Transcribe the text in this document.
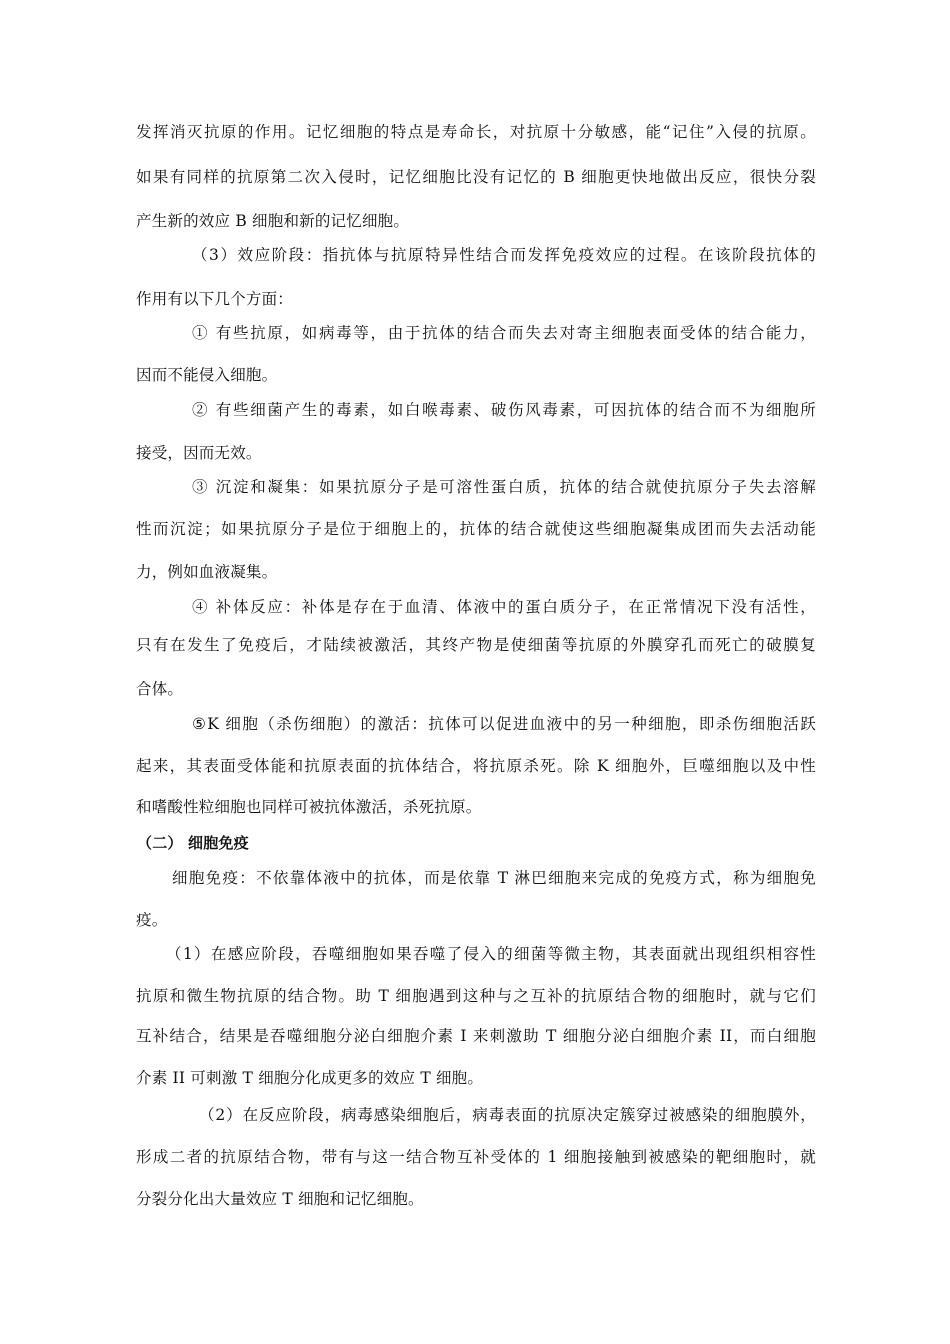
发挥消灭抗原的作用。记忆细胞的特点是寿命长，对抗原十分敏感，能“记住”入侵的抗原。
如果有同样的抗原第二次入侵时，记忆细胞比没有记忆的 B 细胞更快地做出反应，很快分裂
产生新的效应 B 细胞和新的记忆细胞。
（3）效应阶段：指抗体与抗原特异性结合而发挥免疫效应的过程。在该阶段抗体的
作用有以下几个方面：
① 有些抗原，如病毒等，由于抗体的结合而失去对寄主细胞表面受体的结合能力，
因而不能侵入细胞。
② 有些细菌产生的毒素，如白喉毒素、破伤风毒素，可因抗体的结合而不为细胞所
接受，因而无效。
③ 沉淀和凝集：如果抗原分子是可溶性蛋白质，抗体的结合就使抗原分子失去溶解
性而沉淀；如果抗原分子是位于细胞上的，抗体的结合就使这些细胞凝集成团而失去活动能
力，例如血液凝集。
④ 补体反应：补体是存在于血清、体液中的蛋白质分子，在正常情况下没有活性，
只有在发生了免疫后，才陆续被激活，其终产物是使细菌等抗原的外膜穿孔而死亡的破膜复
合体。
⑤K 细胞（杀伤细胞）的激活：抗体可以促进血液中的另一种细胞，即杀伤细胞活跃
起来，其表面受体能和抗原表面的抗体结合，将抗原杀死。除 K 细胞外，巨噬细胞以及中性
和嗜酸性粒细胞也同样可被抗体激活，杀死抗原。
（二） 细胞免疫
细胞免疫：不依靠体液中的抗体，而是依靠 T 淋巴细胞来完成的免疫方式，称为细胞免
疫。
（1）在感应阶段，吞噬细胞如果吞噬了侵入的细菌等微主物，其表面就出现组织相容性
抗原和微生物抗原的结合物。助 T 细胞遇到这种与之互补的抗原结合物的细胞时，就与它们
互补结合，结果是吞噬细胞分泌白细胞介素 I 来刺激助 T 细胞分泌白细胞介素 II，而白细胞
介素 II 可刺激 T 细胞分化成更多的效应 T 细胞。
（2）在反应阶段，病毒感染细胞后，病毒表面的抗原决定簇穿过被感染的细胞膜外，
形成二者的抗原结合物，带有与这一结合物互补受体的 1 细胞接触到被感染的靶细胞时，就
分裂分化出大量效应 T 细胞和记忆细胞。
